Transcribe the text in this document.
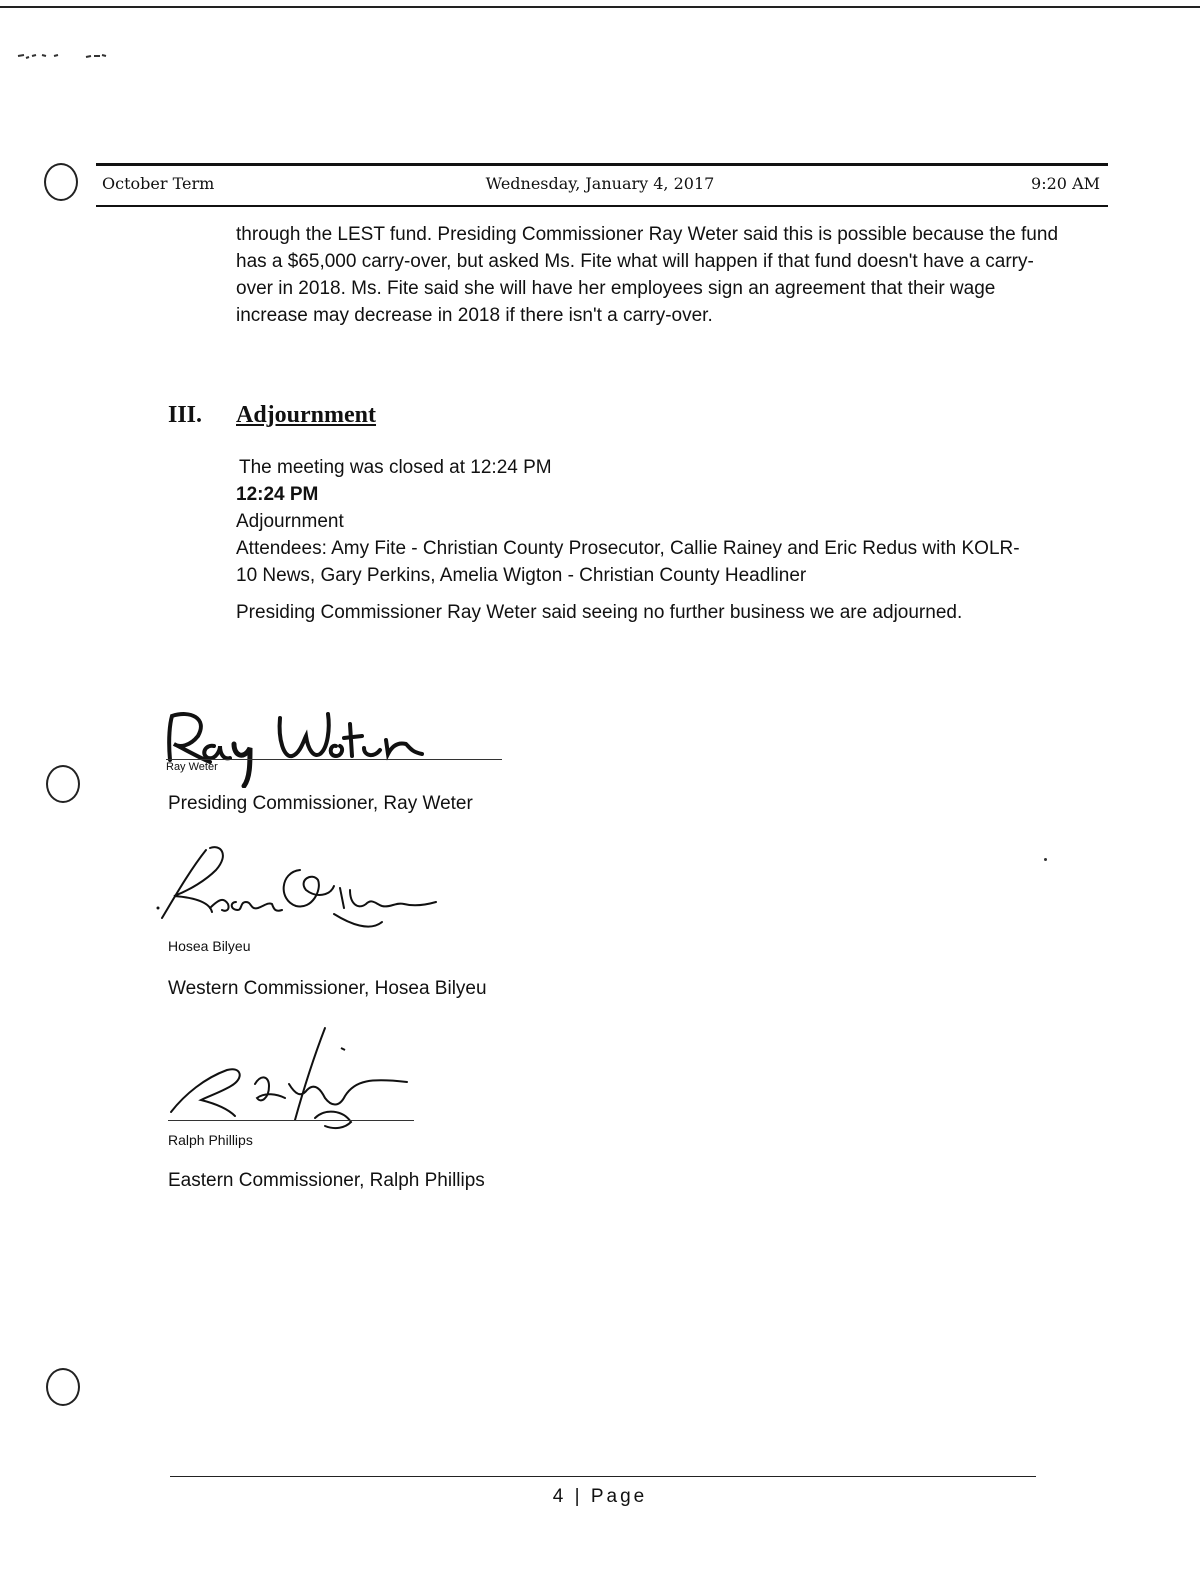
October Term	Wednesday, January 4, 2017	9:20 AM
through the LEST fund. Presiding Commissioner Ray Weter said this is possible because the fund has a $65,000 carry-over, but asked Ms. Fite what will happen if that fund doesn't have a carry-over in 2018. Ms. Fite said she will have her employees sign an agreement that their wage increase may decrease in 2018 if there isn't a carry-over.
III. Adjournment
The meeting was closed at 12:24 PM
12:24 PM
Adjournment
Attendees: Amy Fite - Christian County Prosecutor, Callie Rainey and Eric Redus with KOLR-10 News, Gary Perkins, Amelia Wigton - Christian County Headliner
Presiding Commissioner Ray Weter said seeing no further business we are adjourned.
Ray Weter
Presiding Commissioner, Ray Weter
Hosea Bilyeu
Western Commissioner, Hosea Bilyeu
Ralph Phillips
Eastern Commissioner, Ralph Phillips
4 | Page
